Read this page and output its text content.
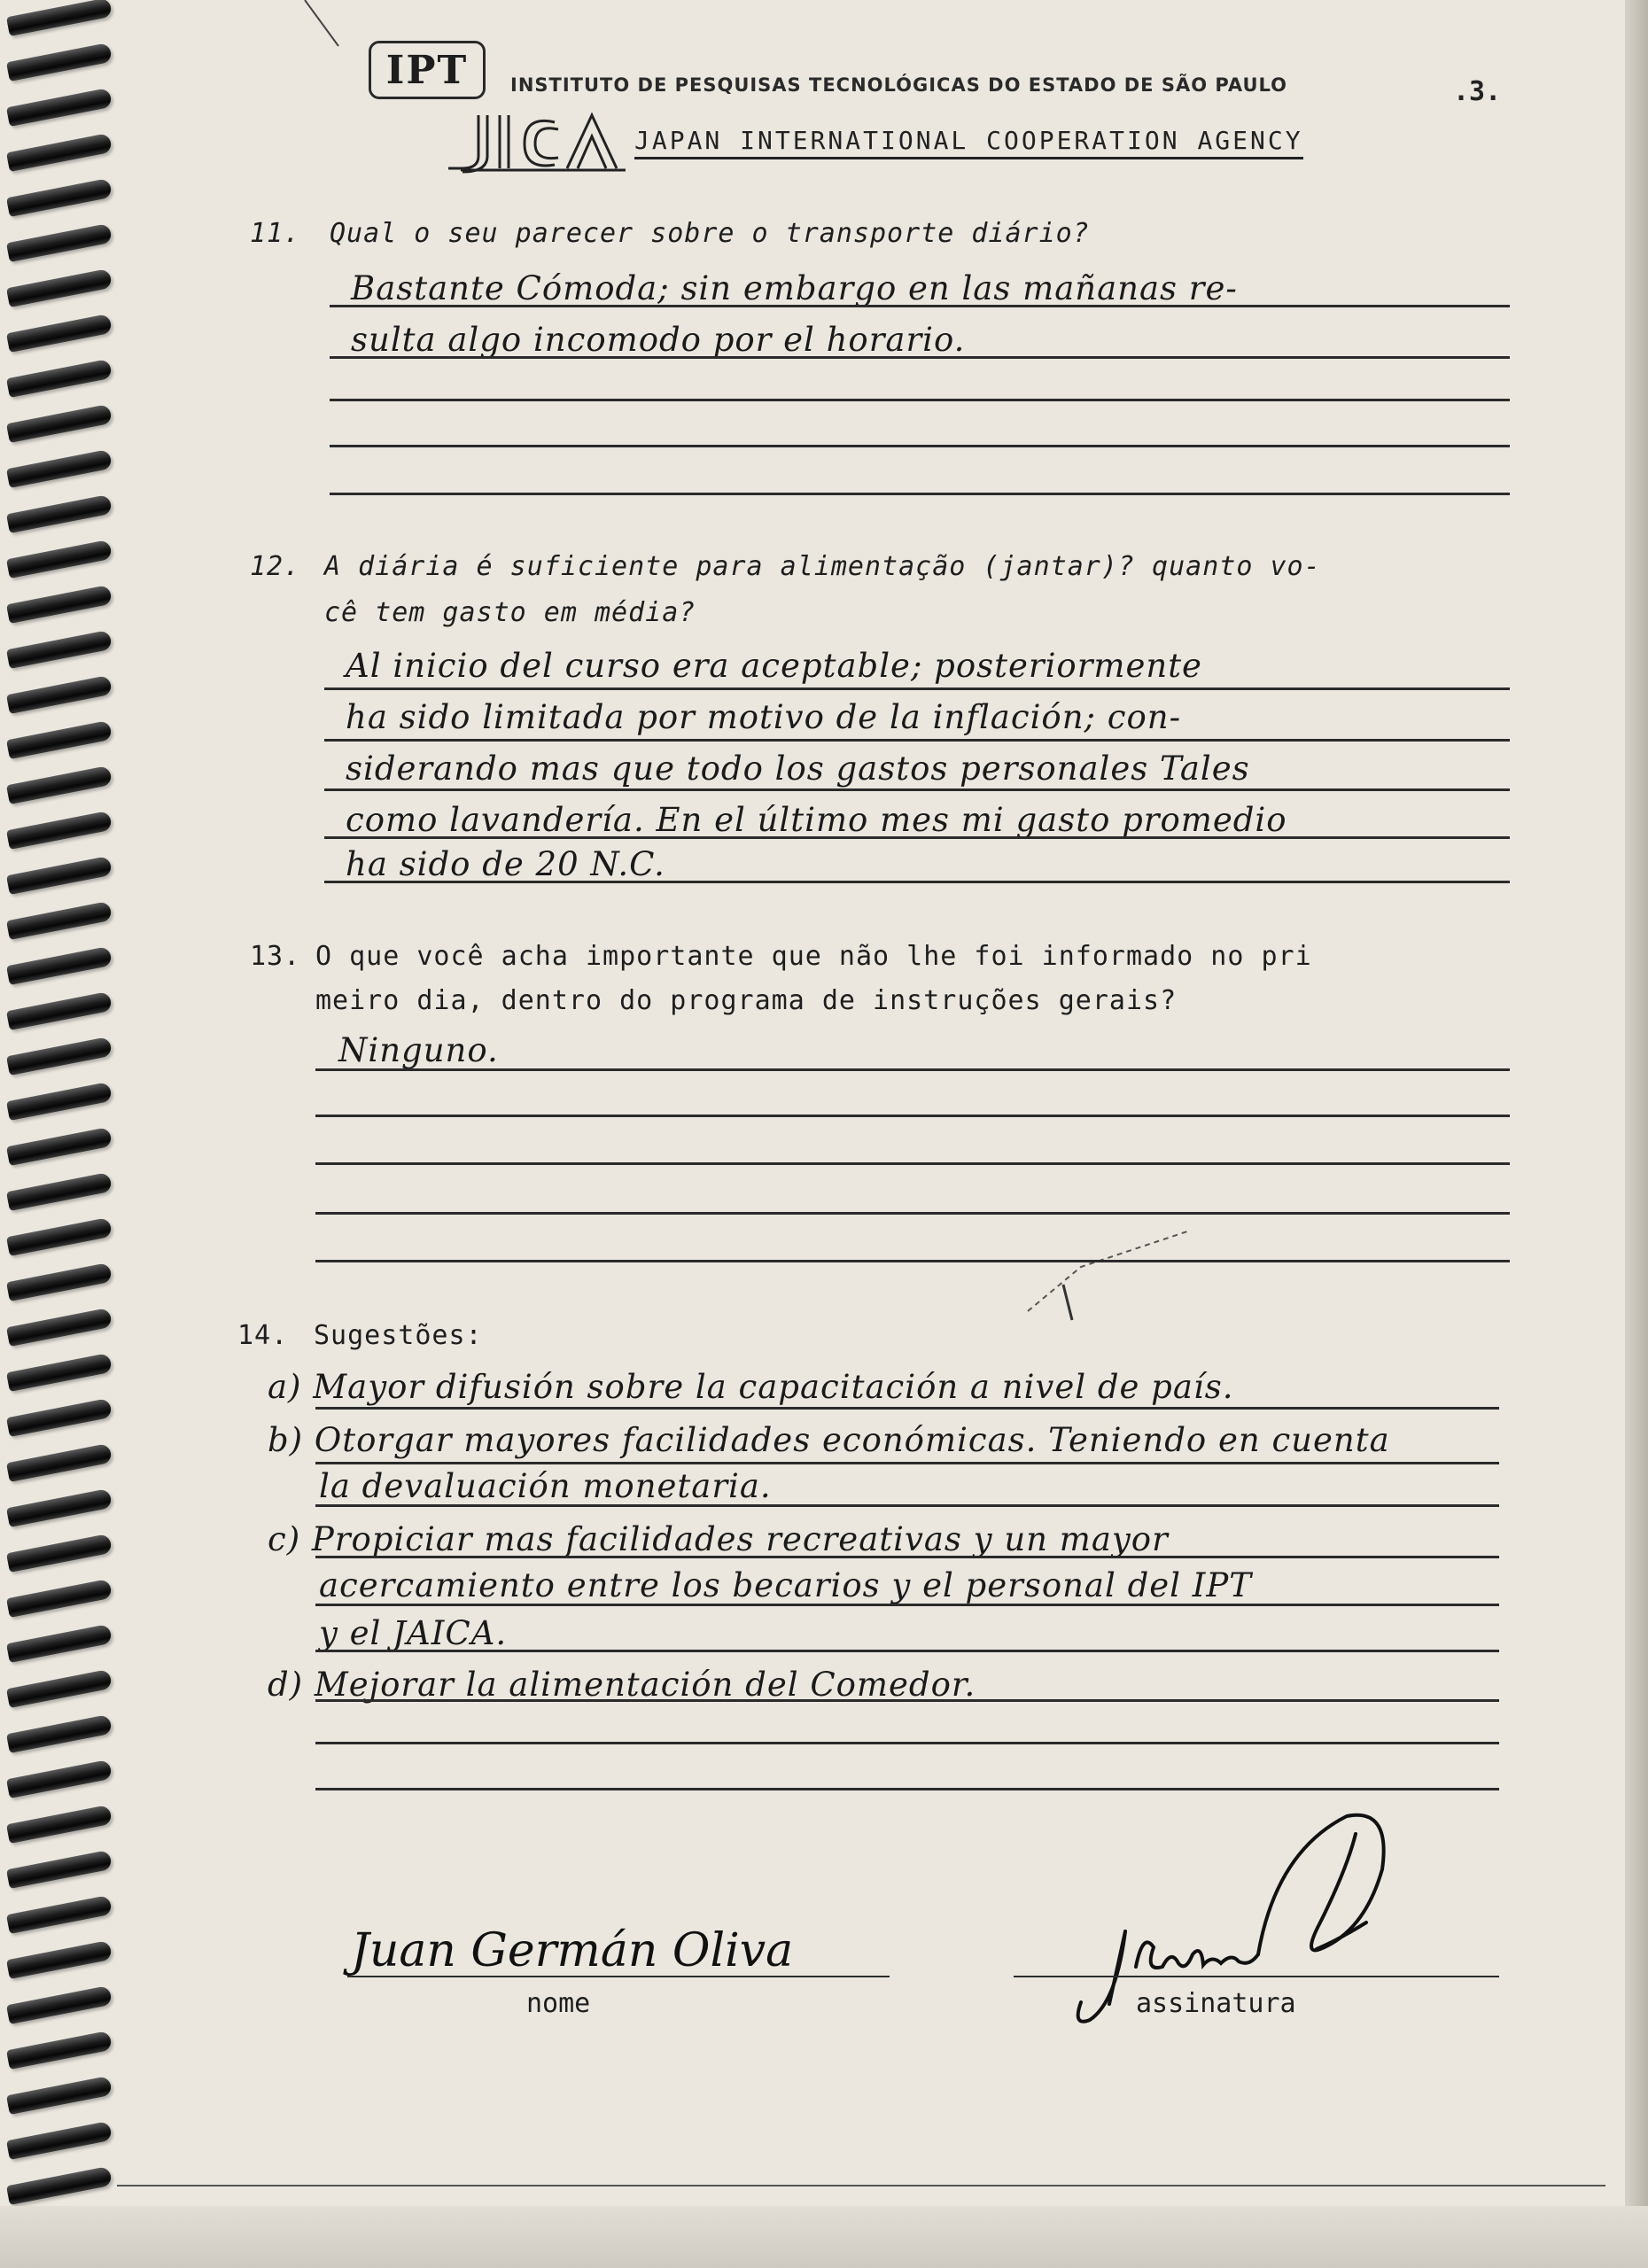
IPT	INSTITUTO DE PESQUISAS TECNOLÓGICAS DO ESTADO DE SÃO PAULO	.3.
JAPAN INTERNATIONAL COOPERATION AGENCY
11. Qual o seu parecer sobre o transporte diário?
Bastante Cómoda; sin embargo en las mañanas re-
sulta algo incomodo por el horario.
12. A diária é suficiente para alimentação (jantar)? quanto vo-
cê tem gasto em média?
Al inicio del curso era aceptable; posteriormente
ha sido limitada por motivo de la inflación; con-
siderando mas que todo los gastos personales Tales
como lavandería. En el último mes mi gasto promedio
ha sido de 20 N.C.
13. O que você acha importante que não lhe foi informado no pri
meiro dia, dentro do programa de instruções gerais?
Ninguno.
14. Sugestões:
a) Mayor difusión sobre la capacitación a nivel de país.
b) Otorgar mayores facilidades económicas. Teniendo en cuenta
la devaluación monetaria.
c) Propiciar mas facilidades recreativas y un mayor
acercamiento entre los becarios y el personal del IPT
y el JAICA.
d) Mejorar la alimentación del Comedor.
Juan Germán Oliva
nome	assinatura
